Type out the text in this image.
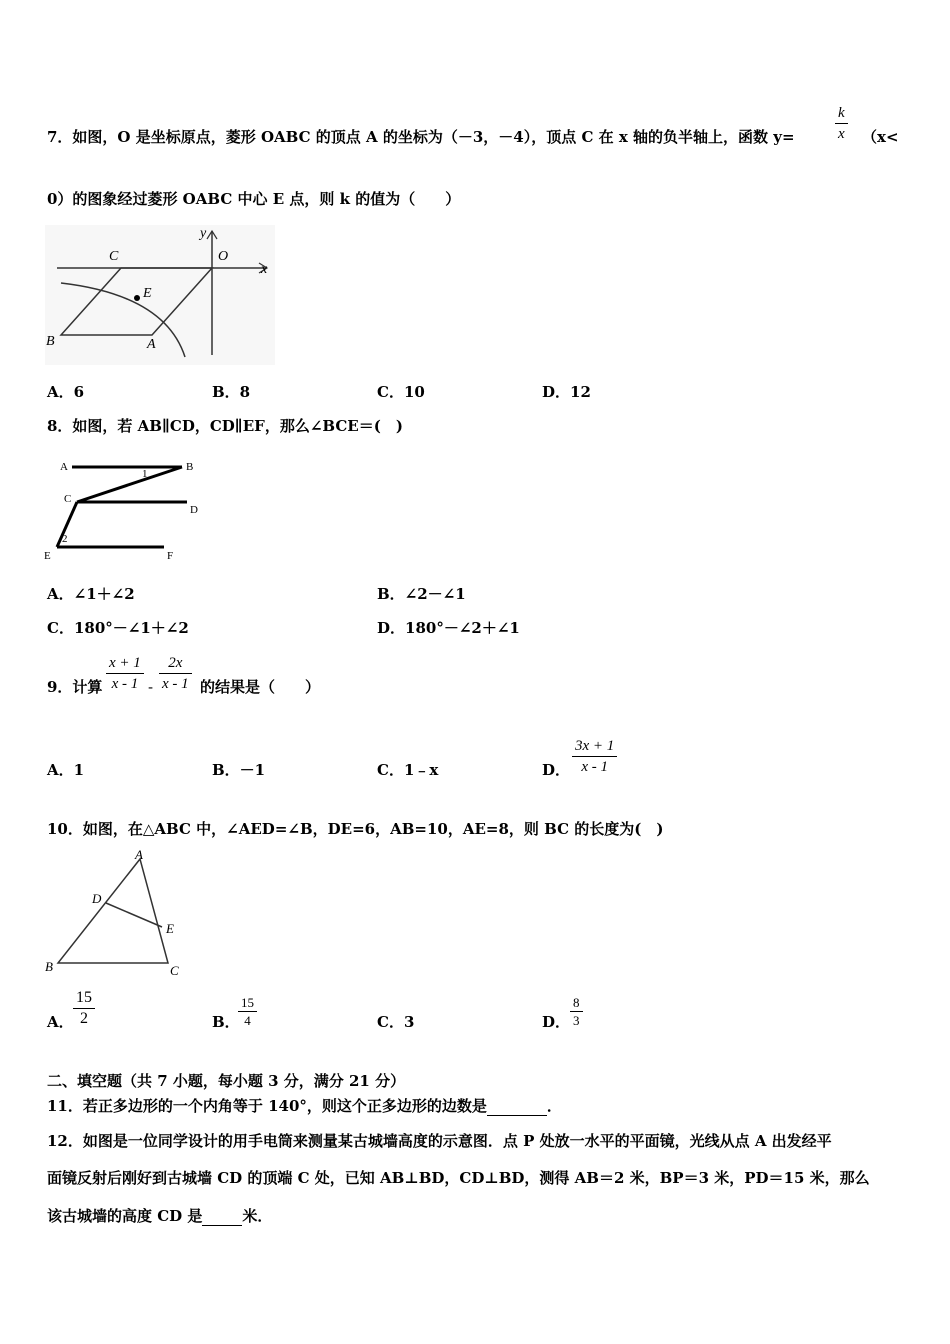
7．如图，O 是坐标原点，菱形 OABC 的顶点 A 的坐标为（－3，－4），顶点 C 在 x 轴的负半轴上，函数 y=	$\frac{k}{x} (x<$
0）的图象经过菱形 OABC 中心 E 点，则 k 的值为（　　）
C	O
y
x
E
B	A
A．6	B．8	C．10	D．12
8．如图，若 AB∥CD，CD∥EF，那么∠BCE＝(　)
A	B
1
C
D
2
E	F
A．∠1＋∠2	B．∠2－∠1
C．180°－∠1＋∠2	D．180°－∠2＋∠1
9．计算 $\frac{x + 1}{x - 1} - \frac{2x}{x - 1}$ 的结果是（　　）
A．1	B．－1	C．1﹣x	D． $\frac{3x + 1}{x - 1}$
10．如图，在△ABC 中，∠AED=∠B，DE=6，AB=10，AE=8，则 BC 的长度为(　)
A
D
E
B	C
A． $\frac{15}{2}$	B．
$\frac{15}{4}$	C．3	D． $\frac{8}{3}$
二、填空题（共 7 小题，每小题 3 分，满分 21 分）
11．若正多边形的一个内角等于 140°，则这个正多边形的边数是	．
12．如图是一位同学设计的用手电筒来测量某古城墙高度的示意图．点 P 处放一水平的平面镜，光线从点 A 出发经平
面镜反射后刚好到古城墙 CD 的顶端 C 处，已知 AB⊥BD，CD⊥BD，测得 AB＝2 米，BP＝3 米，PD＝15 米，那么
该古城墙的高度 CD 是	米．
